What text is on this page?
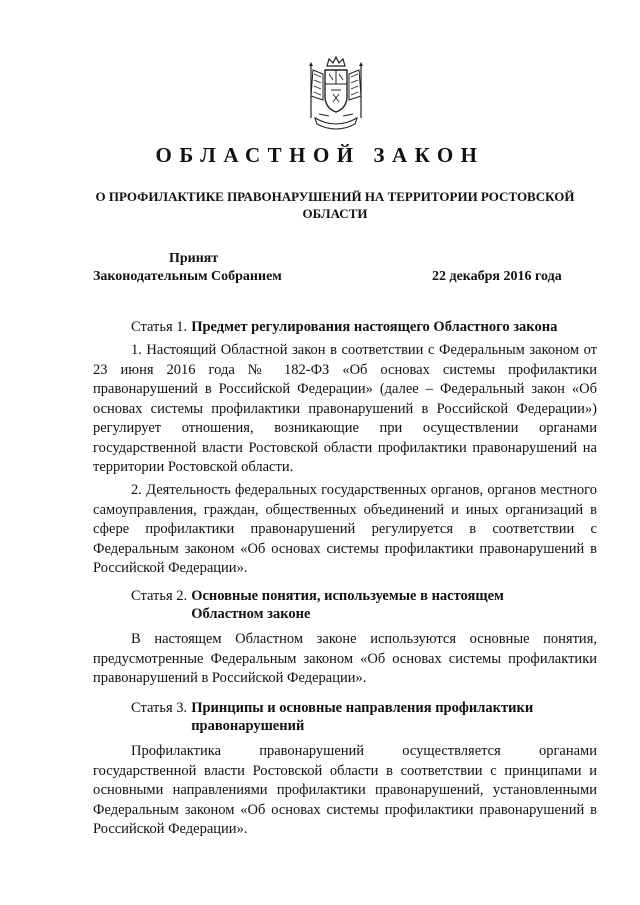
ОБЛАСТНОЙ ЗАКОН
О ПРОФИЛАКТИКЕ ПРАВОНАРУШЕНИЙ НА ТЕРРИТОРИИ РОСТОВСКОЙ ОБЛАСТИ
Принят
Законодательным Собранием	22 декабря 2016 года
Статья 1. Предмет регулирования настоящего Областного закона

1. Настоящий Областной закон в соответствии с Федеральным законом от 23 июня 2016 года № 182-ФЗ «Об основах системы профилактики правонарушений в Российской Федерации» (далее – Федеральный закон «Об основах системы профилактики правонарушений в Российской Федерации») регулирует отношения, возникающие при осуществлении органами государственной власти Ростовской области профилактики правонарушений на территории Ростовской области.

2. Деятельность федеральных государственных органов, органов местного самоуправления, граждан, общественных объединений и иных организаций в сфере профилактики правонарушений регулируется в соответствии с Федеральным законом «Об основах системы профилактики правонарушений в Российской Федерации».

Статья 2. Основные понятия, используемые в настоящем Областном законе

В настоящем Областном законе используются основные понятия, предусмотренные Федеральным законом «Об основах системы профилактики правонарушений в Российской Федерации».

Статья 3. Принципы и основные направления профилактики правонарушений

Профилактика правонарушений осуществляется органами государственной власти Ростовской области в соответствии с принципами и основными направлениями профилактики правонарушений, установленными Федеральным законом «Об основах системы профилактики правонарушений в Российской Федерации».
